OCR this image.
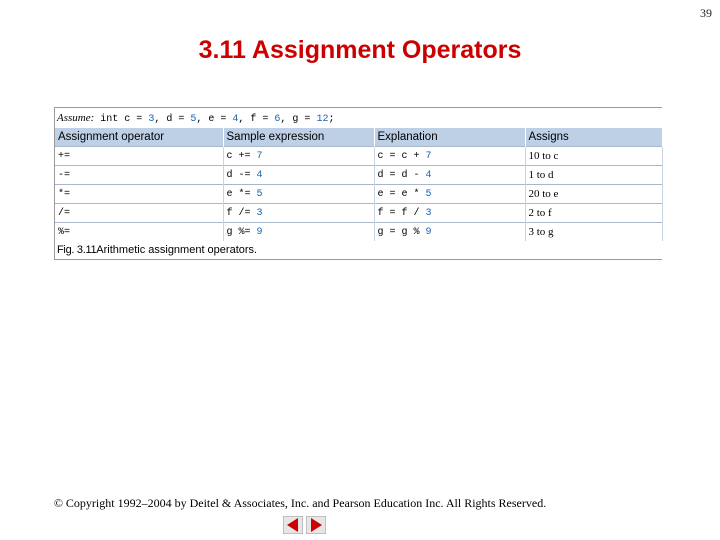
39
3.11 Assignment Operators
Assume: int c = 3, d = 5, e = 4, f = 6, g = 12;
Assignment operator	Sample expression	Explanation	Assigns
+=	c += 7	c = c + 7	10 to c
-=	d -= 4	d = d - 4	1 to d
*=	e *= 5	e = e * 5	20 to e
/=	f /= 3	f = f / 3	2 to f
%=	g %= 9	g = g % 9	3 to g
Fig. 3.11Arithmetic assignment operators.
© Copyright 1992–2004 by Deitel & Associates, Inc. and Pearson Education Inc. All Rights Reserved.
